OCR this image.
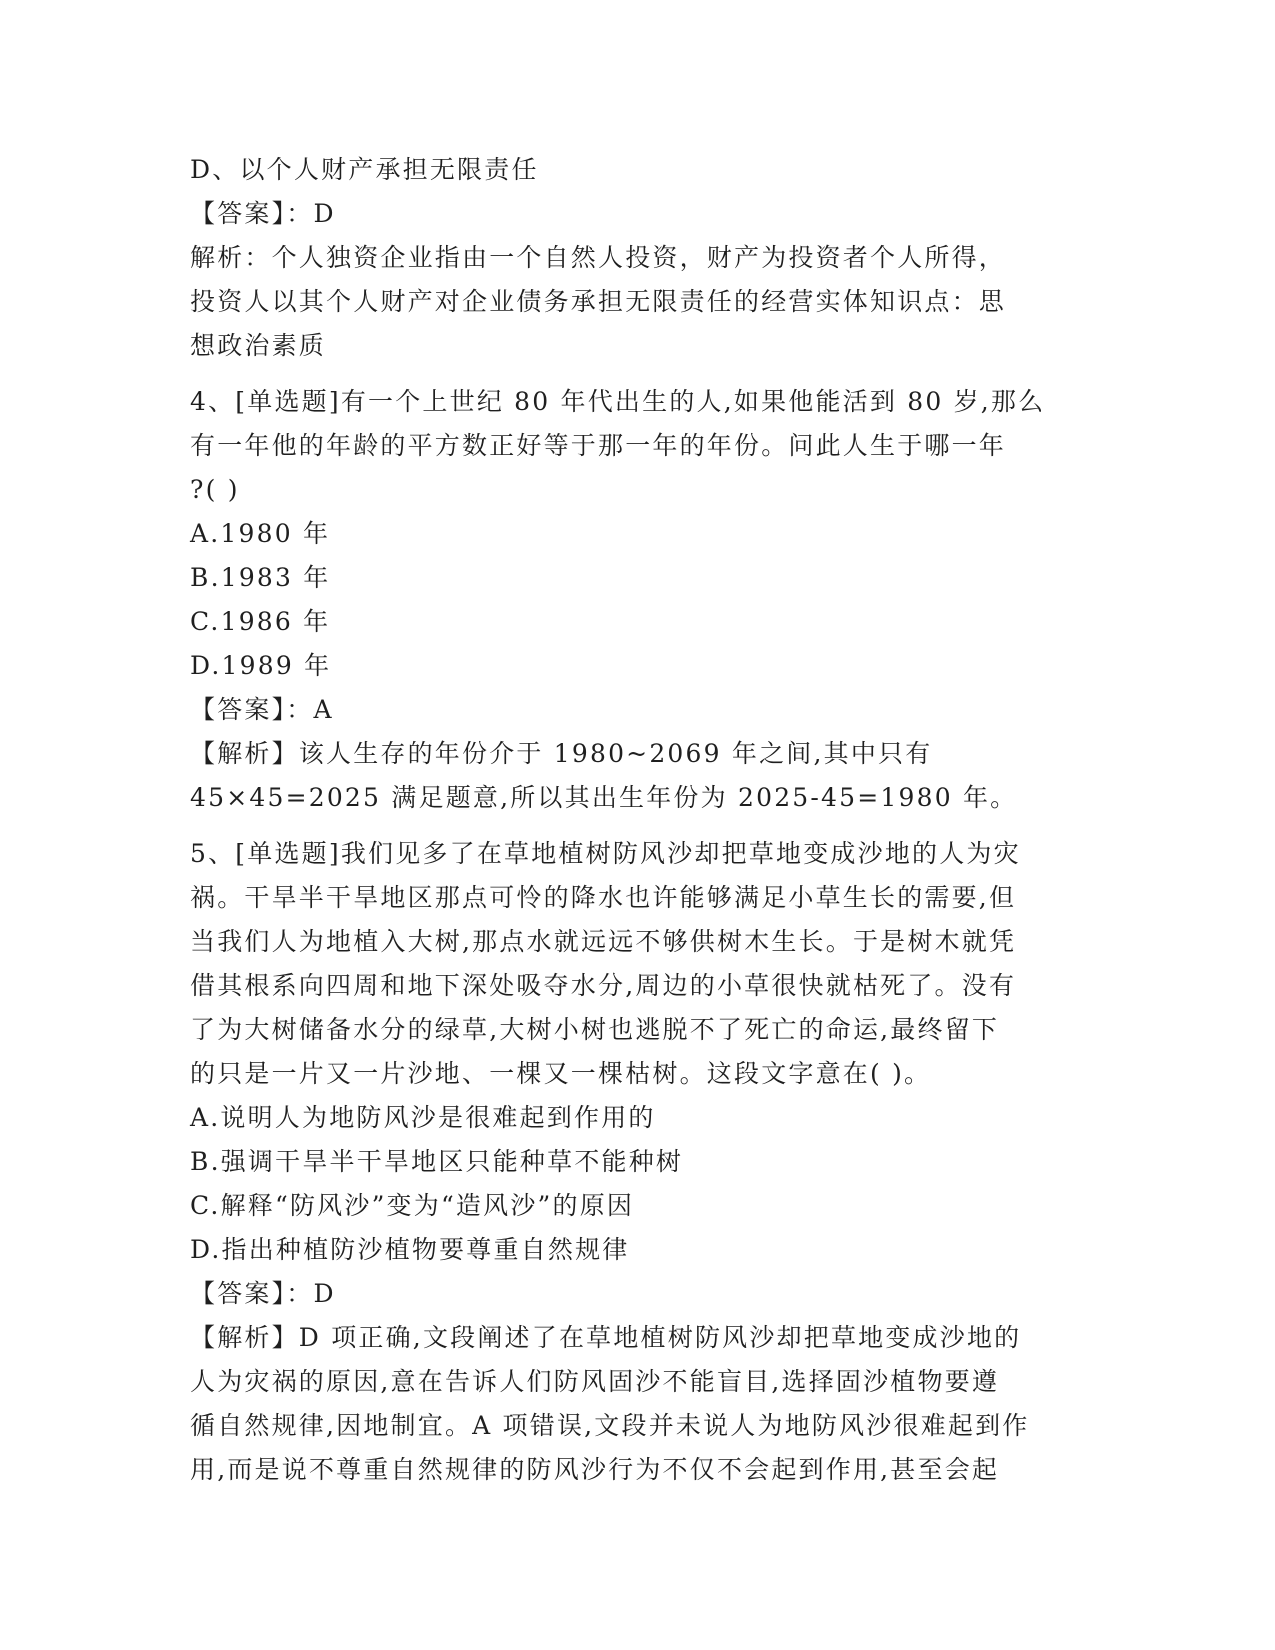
D、以个人财产承担无限责任
【答案】：D
解析：个人独资企业指由一个自然人投资，财产为投资者个人所得，
投资人以其个人财产对企业债务承担无限责任的经营实体知识点：思
想政治素质
4、[单选题]有一个上世纪 80 年代出生的人,如果他能活到 80 岁,那么
有一年他的年龄的平方数正好等于那一年的年份。问此人生于哪一年
?( )
A.1980 年
B.1983 年
C.1986 年
D.1989 年
【答案】：A
【解析】该人生存的年份介于 1980~2069 年之间,其中只有
45×45=2025 满足题意,所以其出生年份为 2025-45=1980 年。
5、[单选题]我们见多了在草地植树防风沙却把草地变成沙地的人为灾
祸。干旱半干旱地区那点可怜的降水也许能够满足小草生长的需要,但
当我们人为地植入大树,那点水就远远不够供树木生长。于是树木就凭
借其根系向四周和地下深处吸夺水分,周边的小草很快就枯死了。没有
了为大树储备水分的绿草,大树小树也逃脱不了死亡的命运,最终留下
的只是一片又一片沙地、一棵又一棵枯树。这段文字意在( )。
A.说明人为地防风沙是很难起到作用的
B.强调干旱半干旱地区只能种草不能种树
C.解释“防风沙”变为“造风沙”的原因
D.指出种植防沙植物要尊重自然规律
【答案】：D
【解析】D 项正确,文段阐述了在草地植树防风沙却把草地变成沙地的
人为灾祸的原因,意在告诉人们防风固沙不能盲目,选择固沙植物要遵
循自然规律,因地制宜。A 项错误,文段并未说人为地防风沙很难起到作
用,而是说不尊重自然规律的防风沙行为不仅不会起到作用,甚至会起
